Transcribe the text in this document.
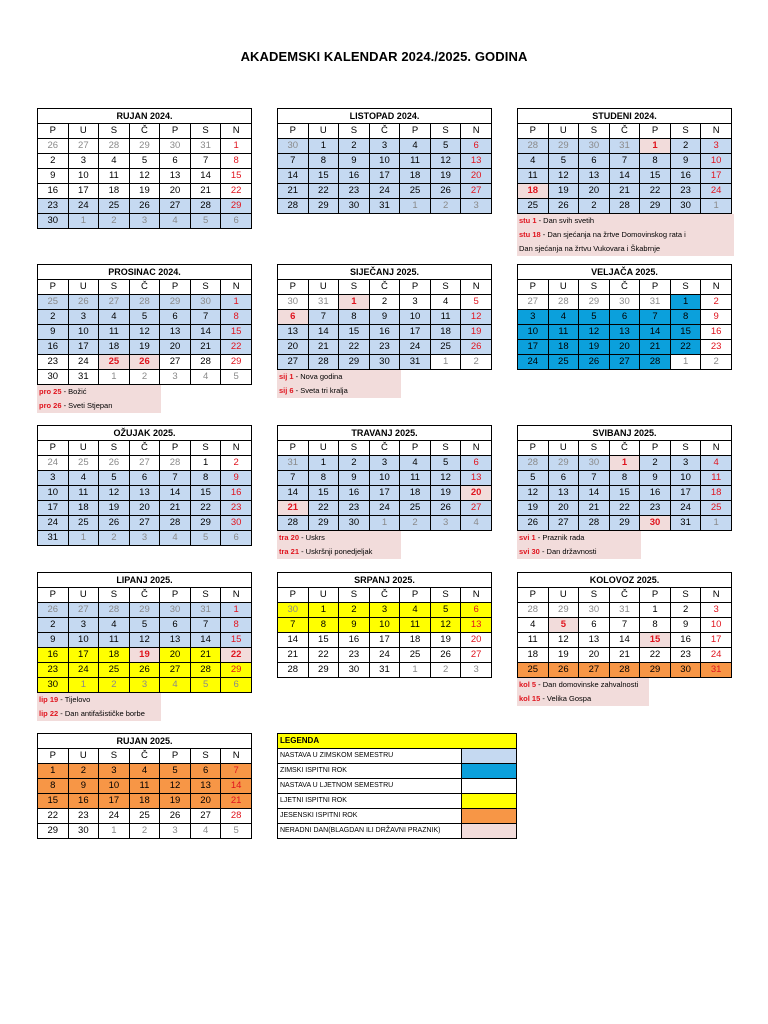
AKADEMSKI KALENDAR 2024./2025. GODINA
RUJAN 2024.						
P	U	S	Č	P	S	N
26	27	28	29	30	31	1
2	3	4	5	6	7	8
9	10	11	12	13	14	15
16	17	18	19	20	21	22
23	24	25	26	27	28	29
30	1	2	3	4	5	6
LISTOPAD 2024.						
P	U	S	Č	P	S	N
30	1	2	3	4	5	6
7	8	9	10	11	12	13
14	15	16	17	18	19	20
21	22	23	24	25	26	27
28	29	30	31	1	2	3
STUDENI 2024.						
P	U	S	Č	P	S	N
28	29	30	31	1	2	3
4	5	6	7	8	9	10
11	12	13	14	15	16	17
18	19	20	21	22	23	24
25	26	2	28	29	30	1
stu 1 - Dan svih svetih
stu 18 - Dan sjećanja na žrtve Domovinskog rata i
Dan sjećanja na žrtvu Vukovara i Škabrnje
PROSINAC 2024.						
P	U	S	Č	P	S	N
25	26	27	28	29	30	1
2	3	4	5	6	7	8
9	10	11	12	13	14	15
16	17	18	19	20	21	22
23	24	25	26	27	28	29
30	31	1	2	3	4	5
pro 25 - Božić
pro 26 - Sveti Stjepan
SIJEČANJ 2025.						
P	U	S	Č	P	S	N
30	31	1	2	3	4	5
6	7	8	9	10	11	12
13	14	15	16	17	18	19
20	21	22	23	24	25	26
27	28	29	30	31	1	2
sij 1 - Nova godina
sij 6 - Sveta tri kralja
VELJAČA 2025.						
P	U	S	Č	P	S	N
27	28	29	30	31	1	2
3	4	5	6	7	8	9
10	11	12	13	14	15	16
17	18	19	20	21	22	23
24	25	26	27	28	1	2
OŽUJAK 2025.						
P	U	S	Č	P	S	N
24	25	26	27	28	1	2
3	4	5	6	7	8	9
10	11	12	13	14	15	16
17	18	19	20	21	22	23
24	25	26	27	28	29	30
31	1	2	3	4	5	6
TRAVANJ 2025.						
P	U	S	Č	P	S	N
31	1	2	3	4	5	6
7	8	9	10	11	12	13
14	15	16	17	18	19	20
21	22	23	24	25	26	27
28	29	30	1	2	3	4
tra 20 - Uskrs
tra 21 - Uskršnji ponedjeljak
SVIBANJ 2025.						
P	U	S	Č	P	S	N
28	29	30	1	2	3	4
5	6	7	8	9	10	11
12	13	14	15	16	17	18
19	20	21	22	23	24	25
26	27	28	29	30	31	1
svi 1 - Praznik rada
svi 30 - Dan državnosti
LIPANJ 2025.						
P	U	S	Č	P	S	N
26	27	28	29	30	31	1
2	3	4	5	6	7	8
9	10	11	12	13	14	15
16	17	18	19	20	21	22
23	24	25	26	27	28	29
30	1	2	3	4	5	6
lip 19 - Tijelovo
lip 22 - Dan antifašističke borbe
SRPANJ 2025.						
P	U	S	Č	P	S	N
30	1	2	3	4	5	6
7	8	9	10	11	12	13
14	15	16	17	18	19	20
21	22	23	24	25	26	27
28	29	30	31	1	2	3
KOLOVOZ 2025.						
P	U	S	Č	P	S	N
28	29	30	31	1	2	3
4	5	6	7	8	9	10
11	12	13	14	15	16	17
18	19	20	21	22	23	24
25	26	27	28	29	30	31
kol 5 - Dan domovinske zahvalnosti
kol 15 - Velika Gospa
RUJAN 2025.						
P	U	S	Č	P	S	N
1	2	3	4	5	6	7
8	9	10	11	12	13	14
15	16	17	18	19	20	21
22	23	24	25	26	27	28
29	30	1	2	3	4	5
LEGENDA	
NASTAVA U ZIMSKOM SEMESTRU	
ZIMSKI ISPITNI ROK	
NASTAVA U LJETNOM SEMESTRU	
LJETNI ISPITNI ROK	
JESENSKI ISPITNI ROK	
NERADNI DAN(BLAGDAN ILI DRŽAVNI PRAZNIK)	
